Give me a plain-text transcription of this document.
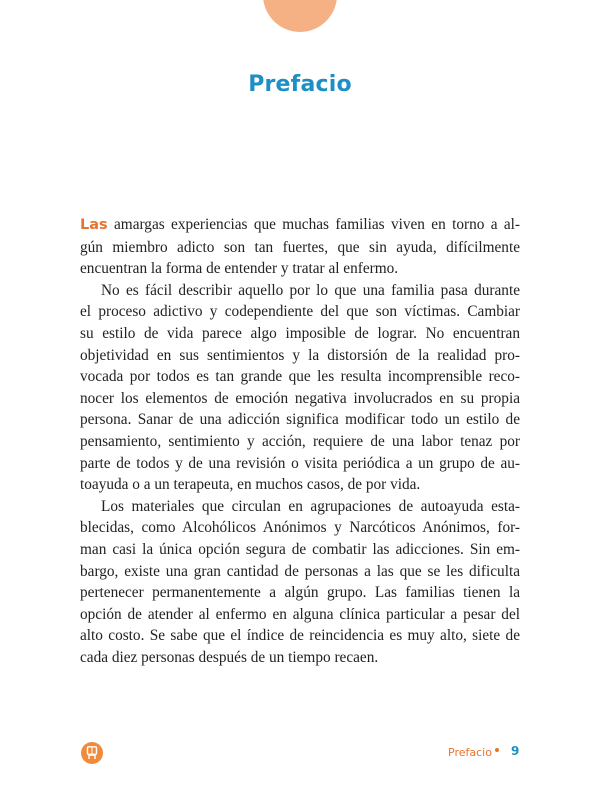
Prefacio
Las amargas experiencias que muchas familias viven en torno a al-
gún miembro adicto son tan fuertes, que sin ayuda, difícilmente
encuentran la forma de entender y tratar al enfermo.
No es fácil describir aquello por lo que una familia pasa durante
el proceso adictivo y codependiente del que son víctimas. Cambiar
su estilo de vida parece algo imposible de lograr. No encuentran
objetividad en sus sentimientos y la distorsión de la realidad pro-
vocada por todos es tan grande que les resulta incomprensible reco-
nocer los elementos de emoción negativa involucrados en su propia
persona. Sanar de una adicción significa modificar todo un estilo de
pensamiento, sentimiento y acción, requiere de una labor tenaz por
parte de todos y de una revisión o visita periódica a un grupo de au-
toayuda o a un terapeuta, en muchos casos, de por vida.
Los materiales que circulan en agrupaciones de autoayuda esta-
blecidas, como Alcohólicos Anónimos y Narcóticos Anónimos, for-
man casi la única opción segura de combatir las adicciones. Sin em-
bargo, existe una gran cantidad de personas a las que se les dificulta
pertenecer permanentemente a algún grupo. Las familias tienen la
opción de atender al enfermo en alguna clínica particular a pesar del
alto costo. Se sabe que el índice de reincidencia es muy alto, siete de
cada diez personas después de un tiempo recaen.
Prefacio 9
